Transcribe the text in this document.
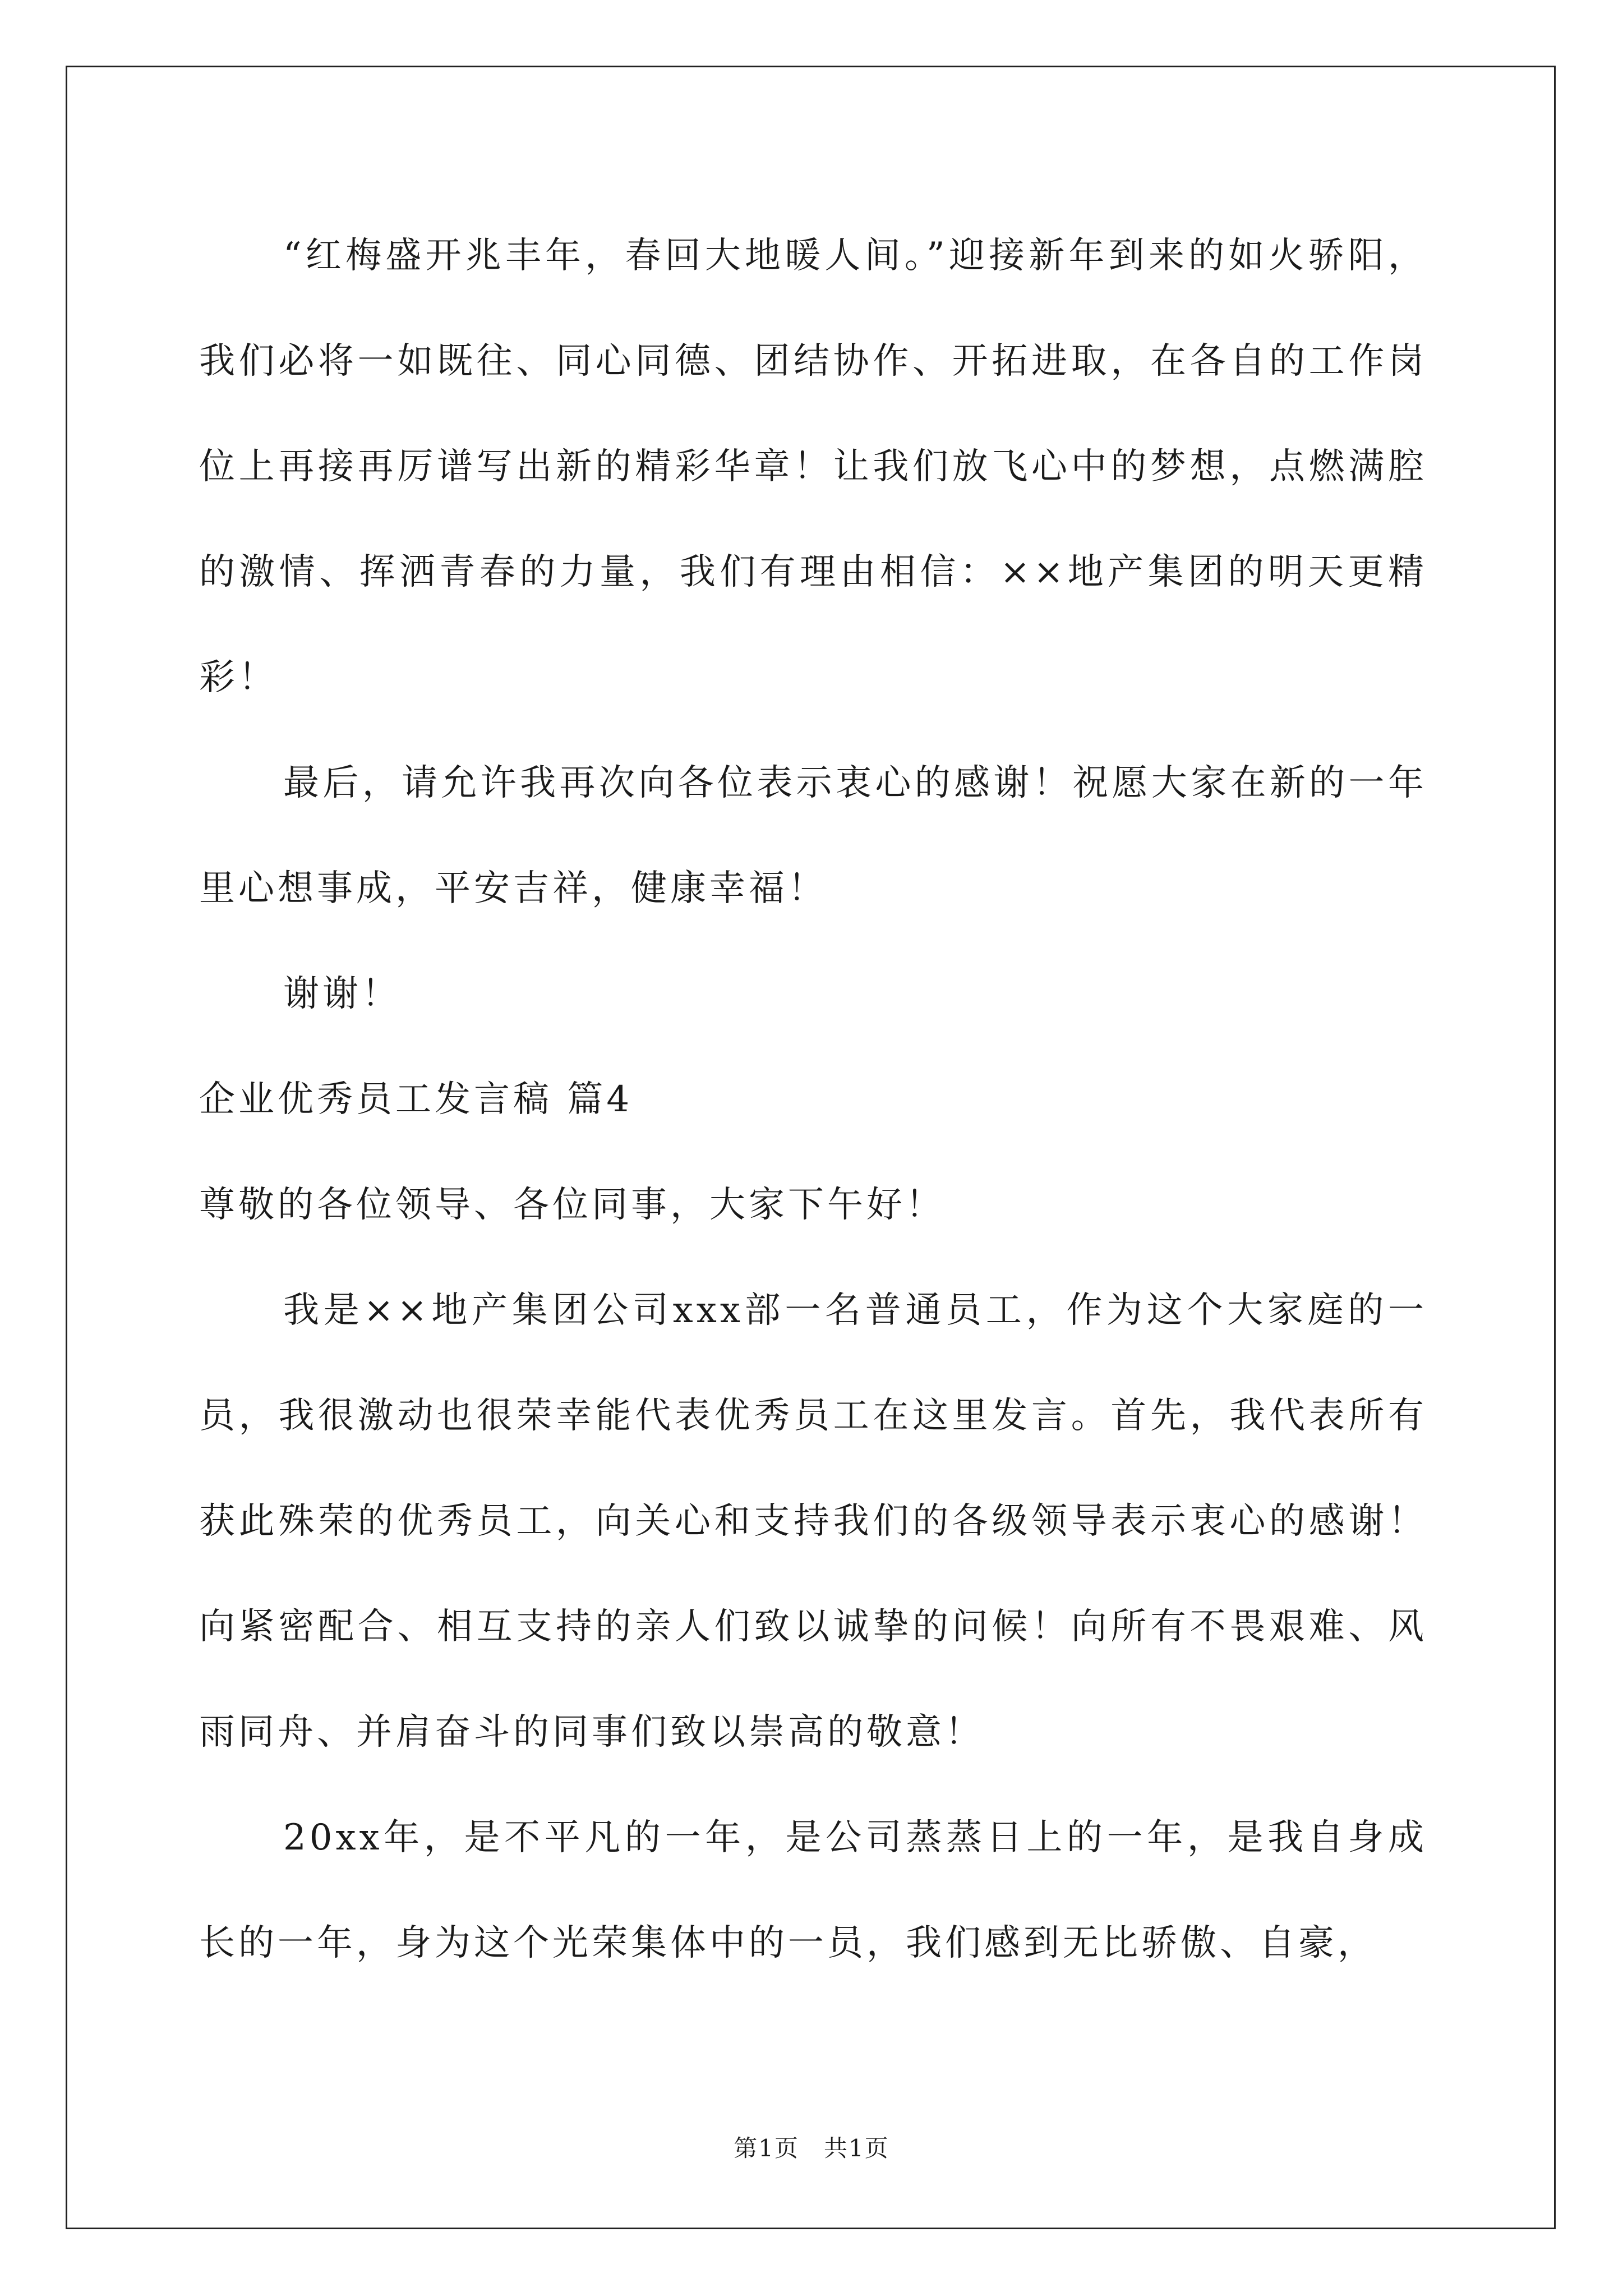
“红梅盛开兆丰年，春回大地暖人间。”迎接新年到来的如火骄阳，我们必将一如既往、同心同德、团结协作、开拓进取，在各自的工作岗位上再接再厉谱写出新的精彩华章！让我们放飞心中的梦想，点燃满腔的激情、挥洒青春的力量，我们有理由相信：××地产集团的明天更精彩！

最后，请允许我再次向各位表示衷心的感谢！祝愿大家在新的一年里心想事成，平安吉祥，健康幸福！

谢谢！

企业优秀员工发言稿 篇4

尊敬的各位领导、各位同事，大家下午好！

我是××地产集团公司xxx部一名普通员工，作为这个大家庭的一员，我很激动也很荣幸能代表优秀员工在这里发言。首先，我代表所有获此殊荣的优秀员工，向关心和支持我们的各级领导表示衷心的感谢！向紧密配合、相互支持的亲人们致以诚挚的问候！向所有不畏艰难、风雨同舟、并肩奋斗的同事们致以崇高的敬意！

20xx年，是不平凡的一年，是公司蒸蒸日上的一年，是我自身成长的一年，身为这个光荣集体中的一员，我们感到无比骄傲、自豪，

第1页　共1页
